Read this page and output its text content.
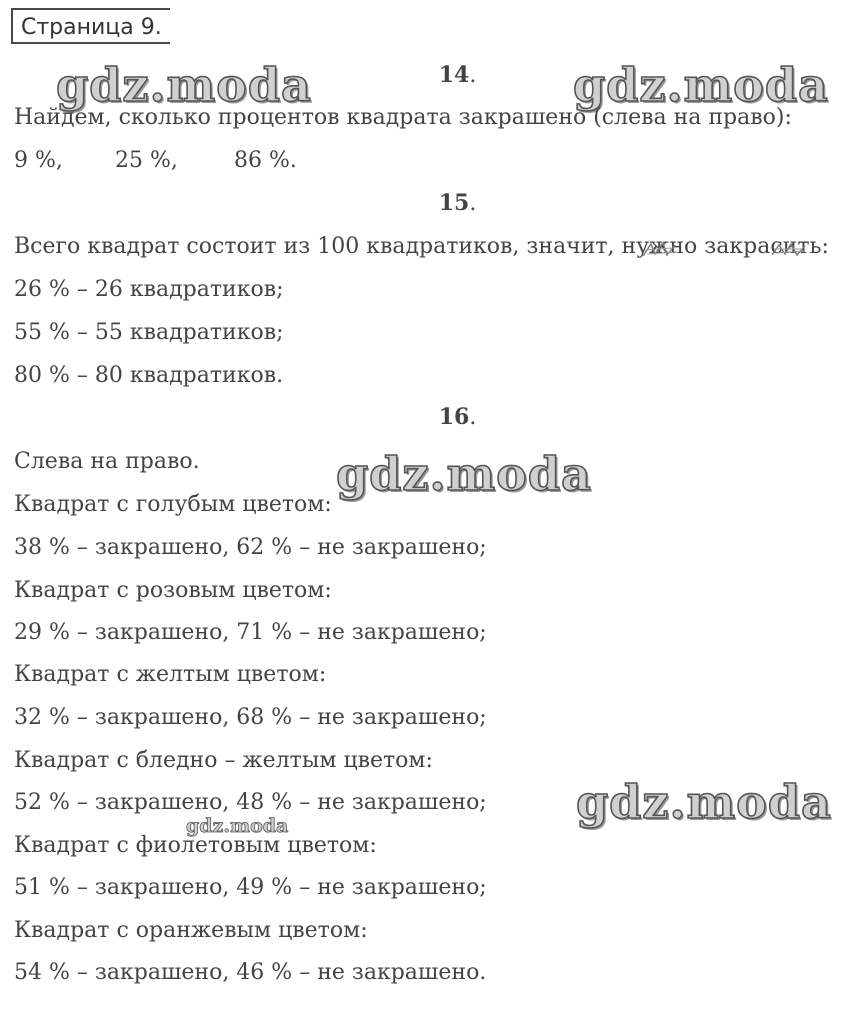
Страница 9.
gdz.moda	gdz.moda
gdz.moda
gdz.moda
gdz.moda
14.
Найдем, сколько процентов квадрата закрашено (слева на право):
9 %, 25 %,	86 %.
15.
Всего квадрат состоит из 100 квадратиков, значит, нужно закрасить:
26 % – 26 квадратиков;
55 % – 55 квадратиков;
80 % – 80 квадратиков.
16.
Слева на право.
Квадрат с голубым цветом:
38 % – закрашено, 62 % – не закрашено;
Квадрат с розовым цветом:
29 % – закрашено, 71 % – не закрашено;
Квадрат с желтым цветом:
32 % – закрашено, 68 % – не закрашено;
Квадрат с бледно – желтым цветом:
52 % – закрашено, 48 % – не закрашено;
Квадрат с фиолетовым цветом:
51 % – закрашено, 49 % – не закрашено;
Квадрат с оранжевым цветом:
54 % – закрашено, 46 % – не закрашено.
